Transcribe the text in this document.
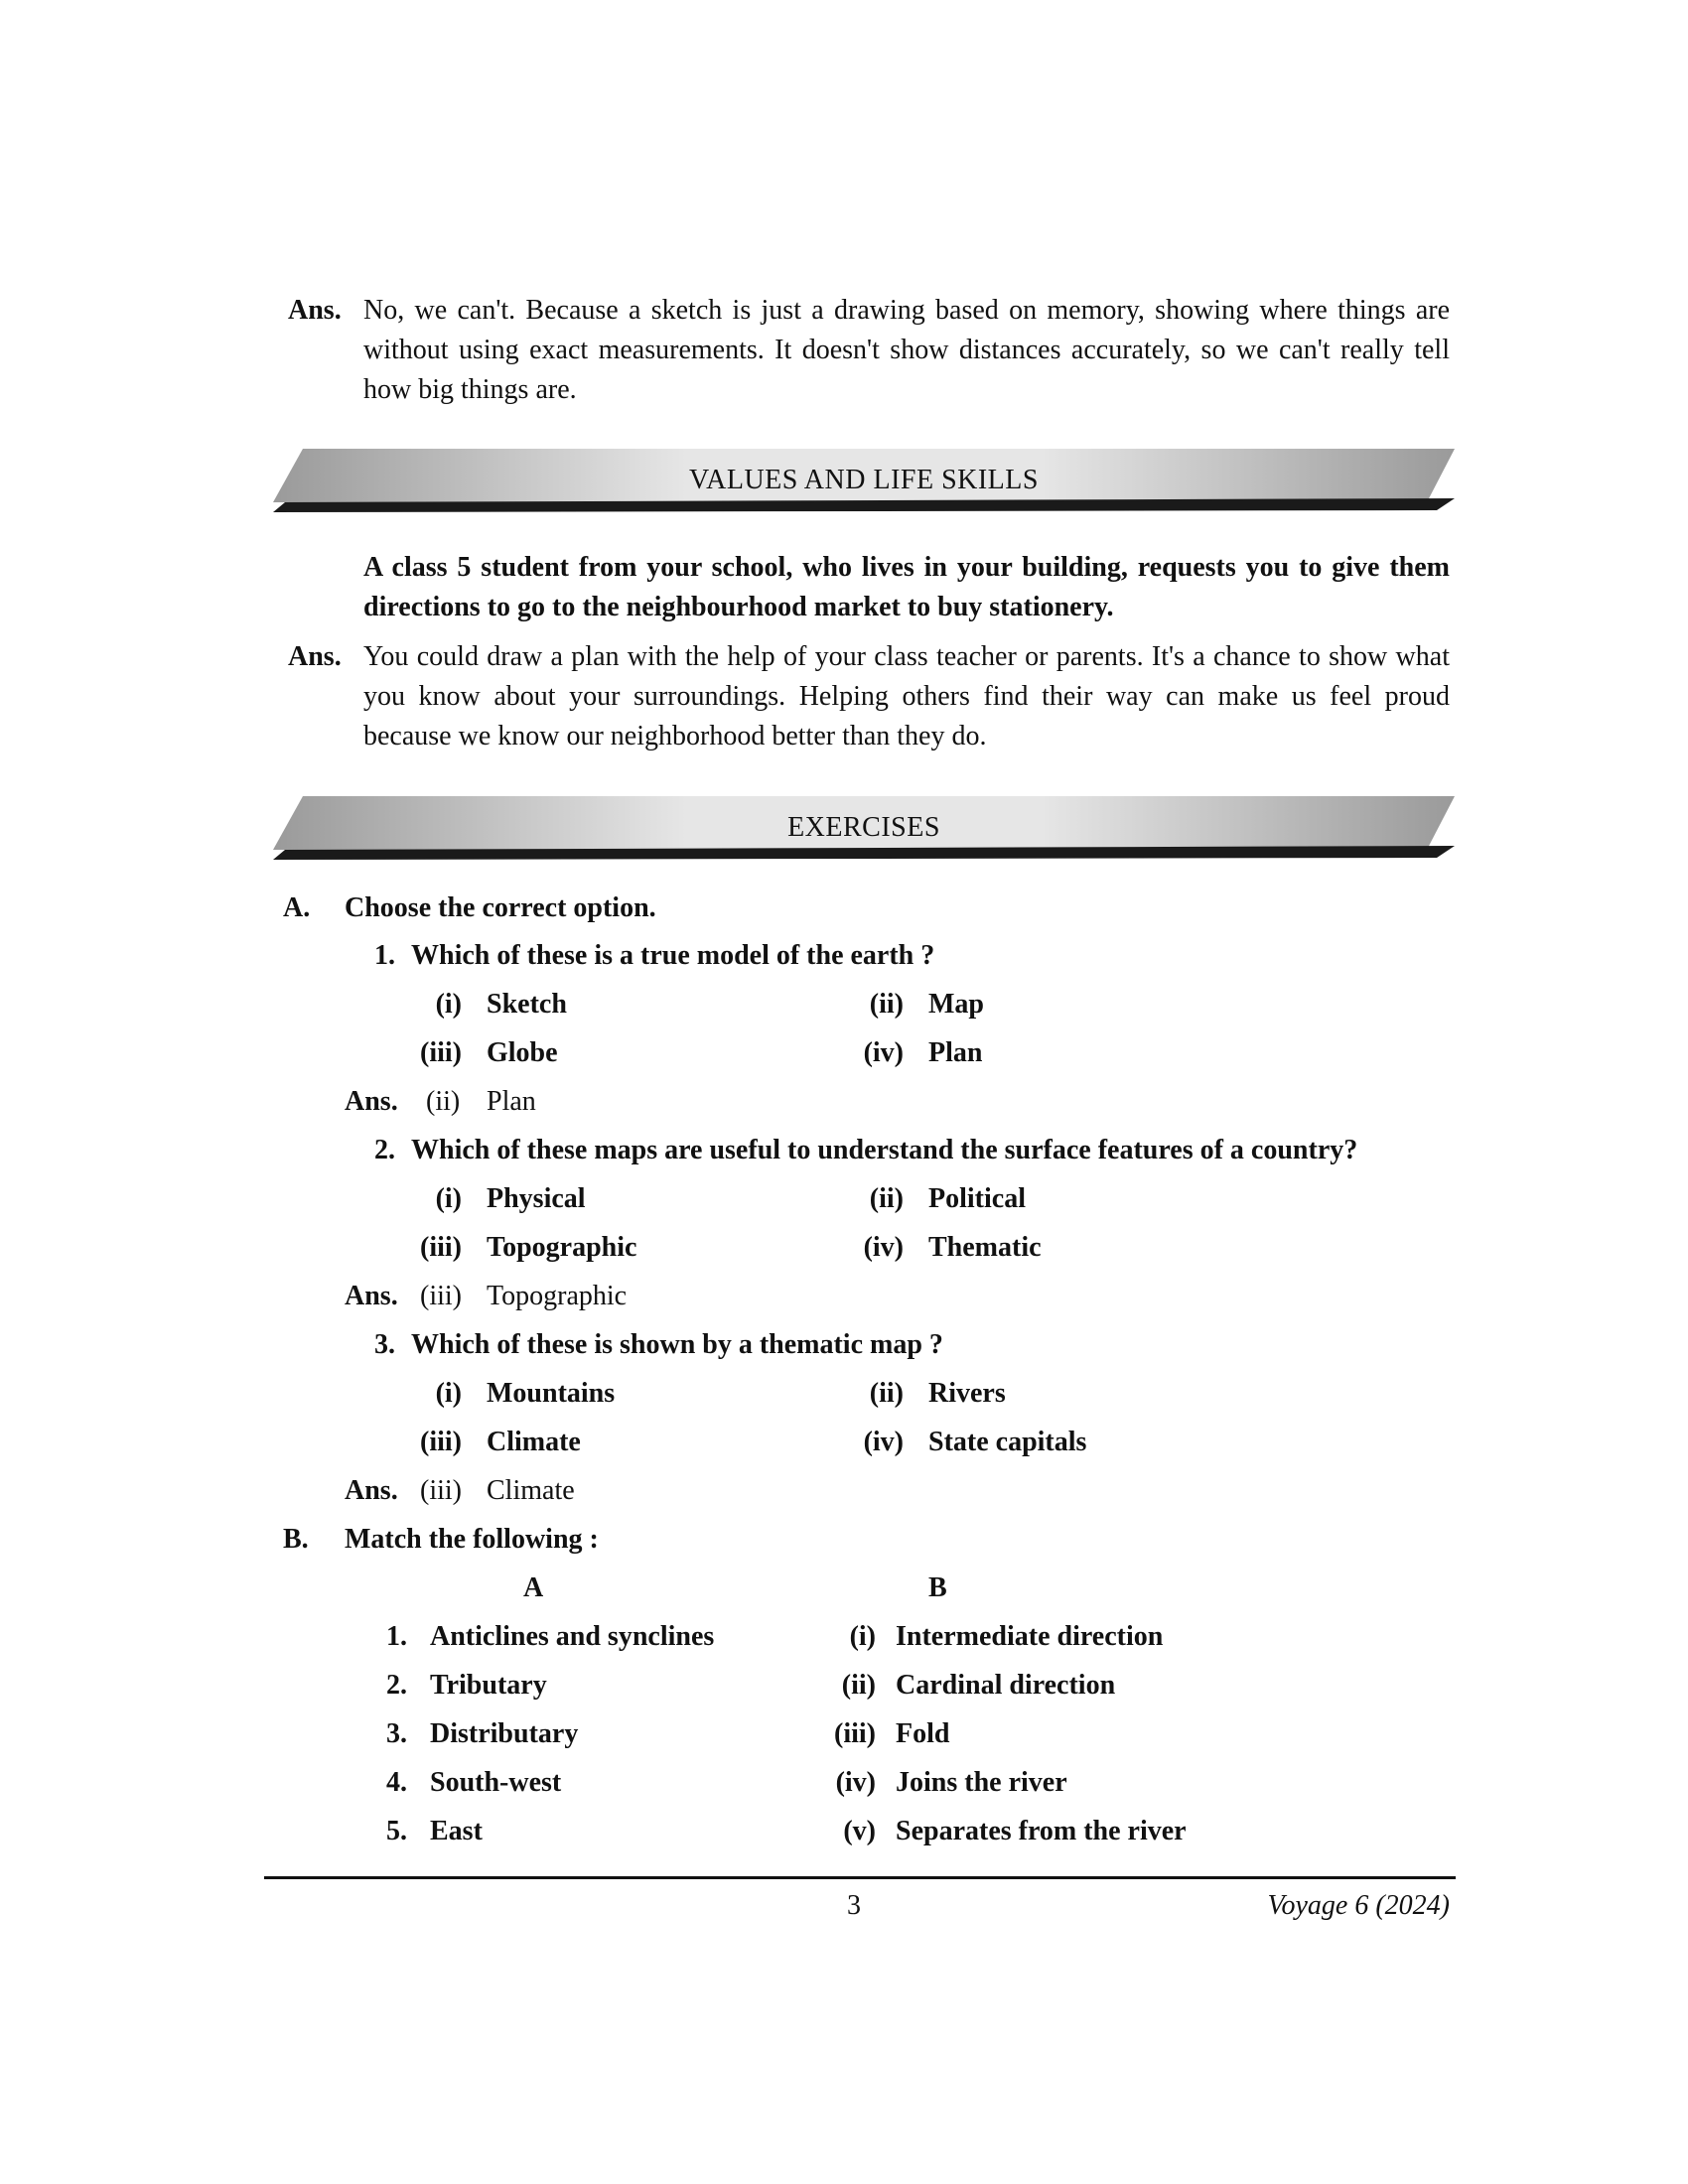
Ans. No, we can't. Because a sketch is just a drawing based on memory, showing where things are without using exact measurements. It doesn't show distances accurately, so we can't really tell how big things are.
VALUES AND LIFE SKILLS
A class 5 student from your school, who lives in your building, requests you to give them directions to go to the neighbourhood market to buy stationery.
Ans. You could draw a plan with the help of your class teacher or parents. It's a chance to show what you know about your surroundings. Helping others find their way can make us feel proud because we know our neighborhood better than they do.
EXERCISES
A. Choose the correct option.
1. Which of these is a true model of the earth ?
(i) Sketch	(ii) Map
(iii) Globe	(iv) Plan
Ans. (ii) Plan
2. Which of these maps are useful to understand the surface features of a country?
(i) Physical	(ii) Political
(iii) Topographic	(iv) Thematic
Ans. (iii) Topographic
3. Which of these is shown by a thematic map ?
(i) Mountains	(ii) Rivers
(iii) Climate	(iv) State capitals
Ans. (iii) Climate
B. Match the following :
A	B
1. Anticlines and synclines	(i) Intermediate direction
2. Tributary	(ii) Cardinal direction
3. Distributary	(iii) Fold
4. South-west	(iv) Joins the river
5. East	(v) Separates from the river
3	Voyage 6 (2024)
